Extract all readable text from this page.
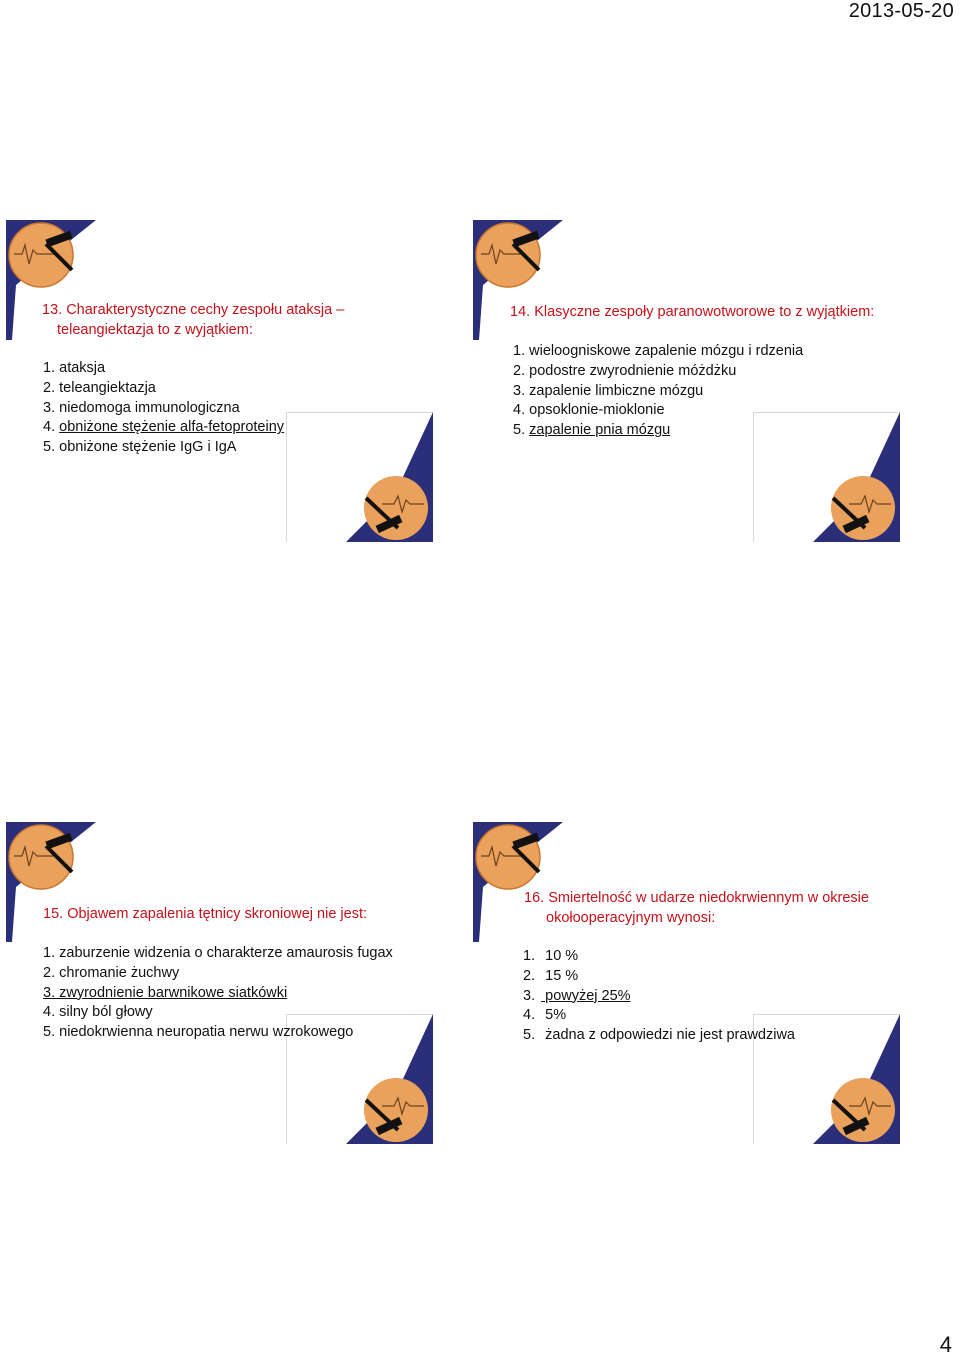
2013-05-20
13. Charakterystyczne cechy zespołu ataksja –
teleangiektazja to z wyjątkiem:
1. ataksja
2. teleangiektazja
3. niedomoga immunologiczna
4. obniżone stężenie alfa-fetoproteiny
5. obniżone stężenie IgG i IgA
14. Klasyczne zespoły paranowotworowe to z wyjątkiem:
1. wieloogniskowe zapalenie mózgu i rdzenia
2. podostre zwyrodnienie móżdżku
3. zapalenie limbiczne mózgu
4. opsoklonie-mioklonie
5. zapalenie pnia mózgu
15. Objawem zapalenia tętnicy skroniowej nie jest:
1. zaburzenie widzenia o charakterze amaurosis fugax
2. chromanie żuchwy
3. zwyrodnienie barwnikowe siatkówki
4. silny ból głowy
5. niedokrwienna neuropatia nerwu wzrokowego
16. Smiertelność w udarze niedokrwiennym w okresie
okołooperacyjnym wynosi:
1. 10 %
2. 15 %
3. powyżej 25%
4. 5%
5. żadna z odpowiedzi nie jest prawdziwa
4
